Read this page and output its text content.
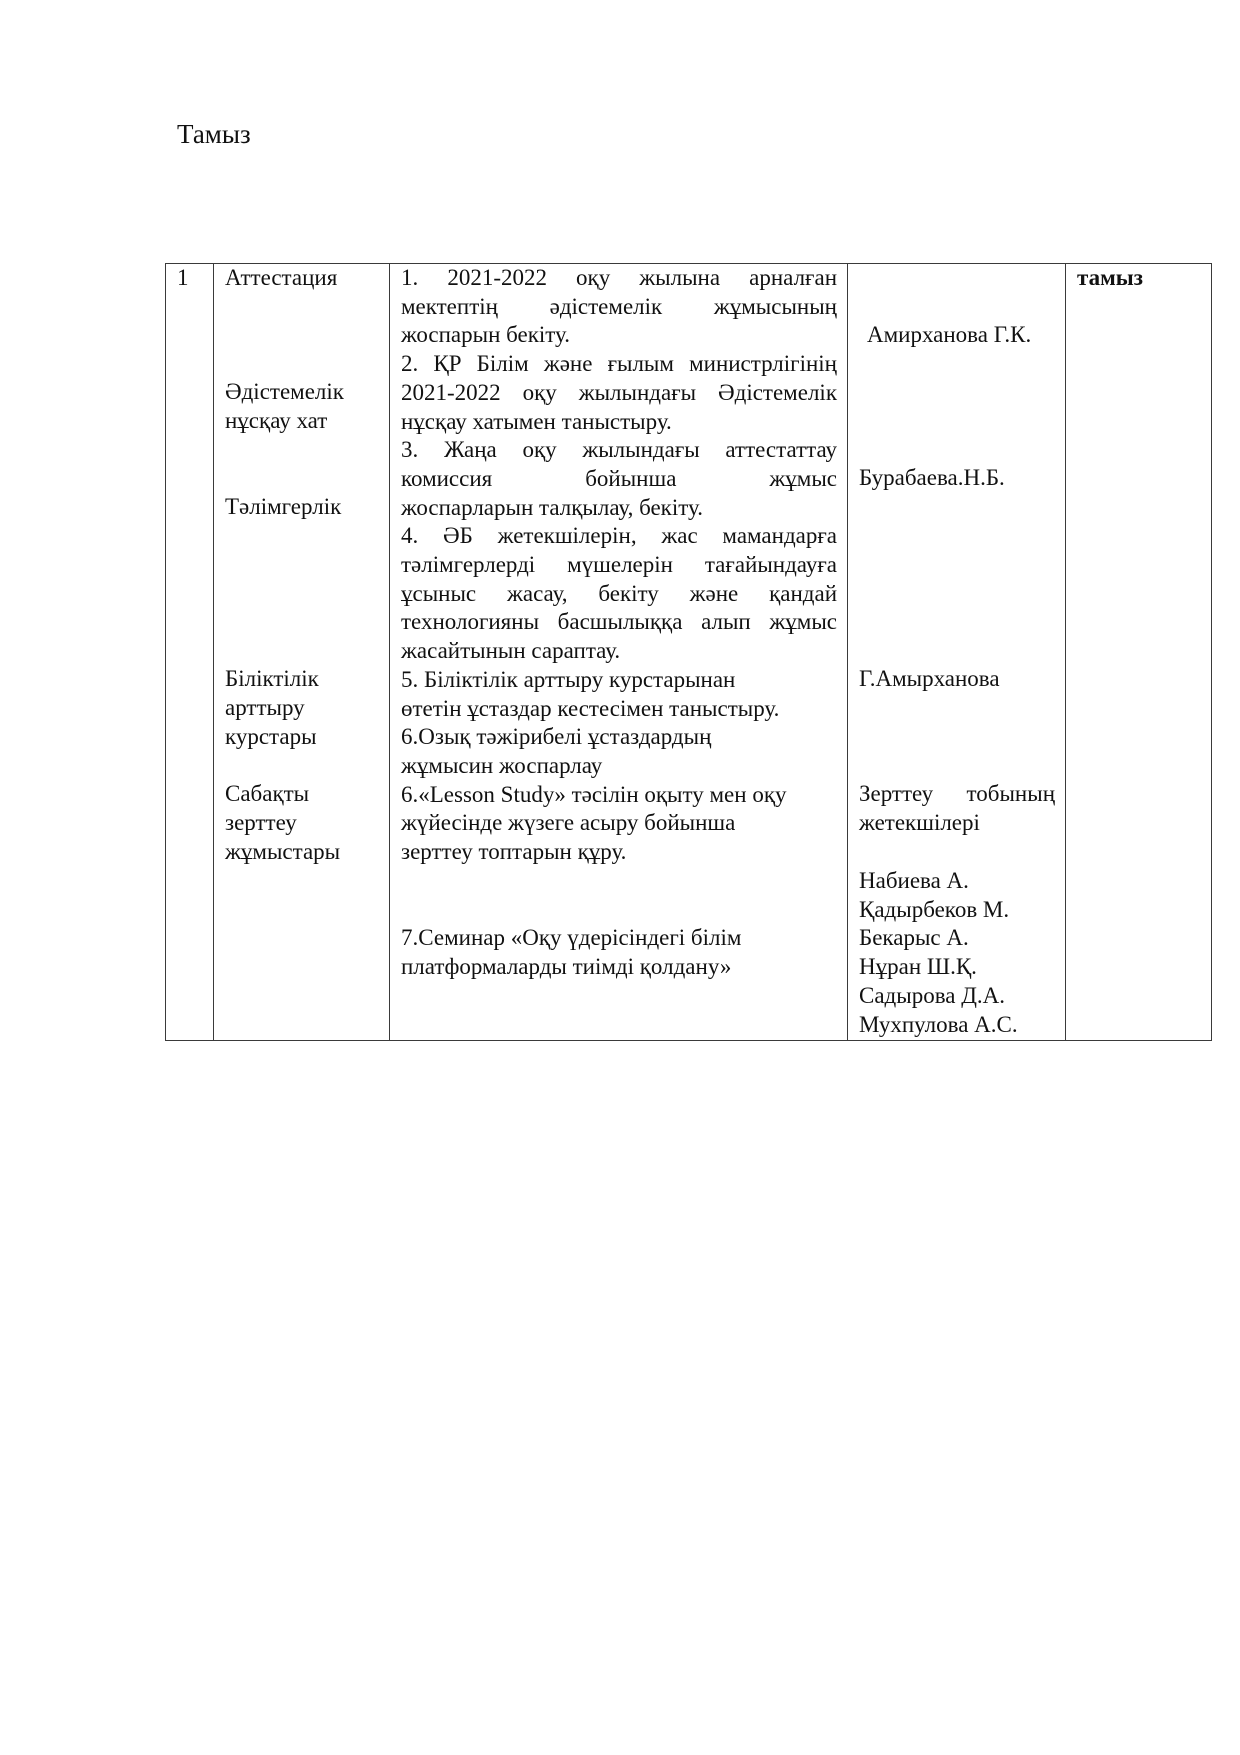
Тамыз
1 Аттестация
Әдістемелік
нұсқау хат
Тәлімгерлік
Біліктілік
арттыру
курстары
Сабақты
зерттеу
жұмыстары
1. 2021-2022 оқу жылына арналған
мектептің әдістемелік жұмысының
жоспарын бекіту.
2. ҚР Білім және ғылым министрлігінің
2021-2022 оқу жылындағы Әдістемелік
нұсқау хатымен таныстыру.
3. Жаңа оқу жылындағы аттестаттау
комиссия бойынша жұмыс
жоспарларын талқылау, бекіту.
4. ӘБ жетекшілерін, жас мамандарға
тәлімгерлерді мүшелерін тағайындауға
ұсыныс жасау, бекіту және қандай
технологияны басшылыққа алып жұмыс
жасайтынын сараптау.
5. Біліктілік арттыру курстарынан
өтетін ұстаздар кестесімен таныстыру.
6.Озық тәжірибелі ұстаздардың
жұмысин жоспарлау
6.«Lesson Study» тәсілін оқыту мен оқу
жүйесінде жүзеге асыру бойынша
зерттеу топтарын құру.
7.Семинар «Оқу үдерісіндегі білім
платформаларды тиімді қолдану»
Амирханова Г.К.
Бурабаева.Н.Б.
Г.Амырханова
Зерттеу тобының
жетекшілері
Набиева А.
Қадырбеков М.
Бекарыс А.
Нұран Ш.Қ.
Садырова Д.А.
Мухпулова А.С.
тамыз
